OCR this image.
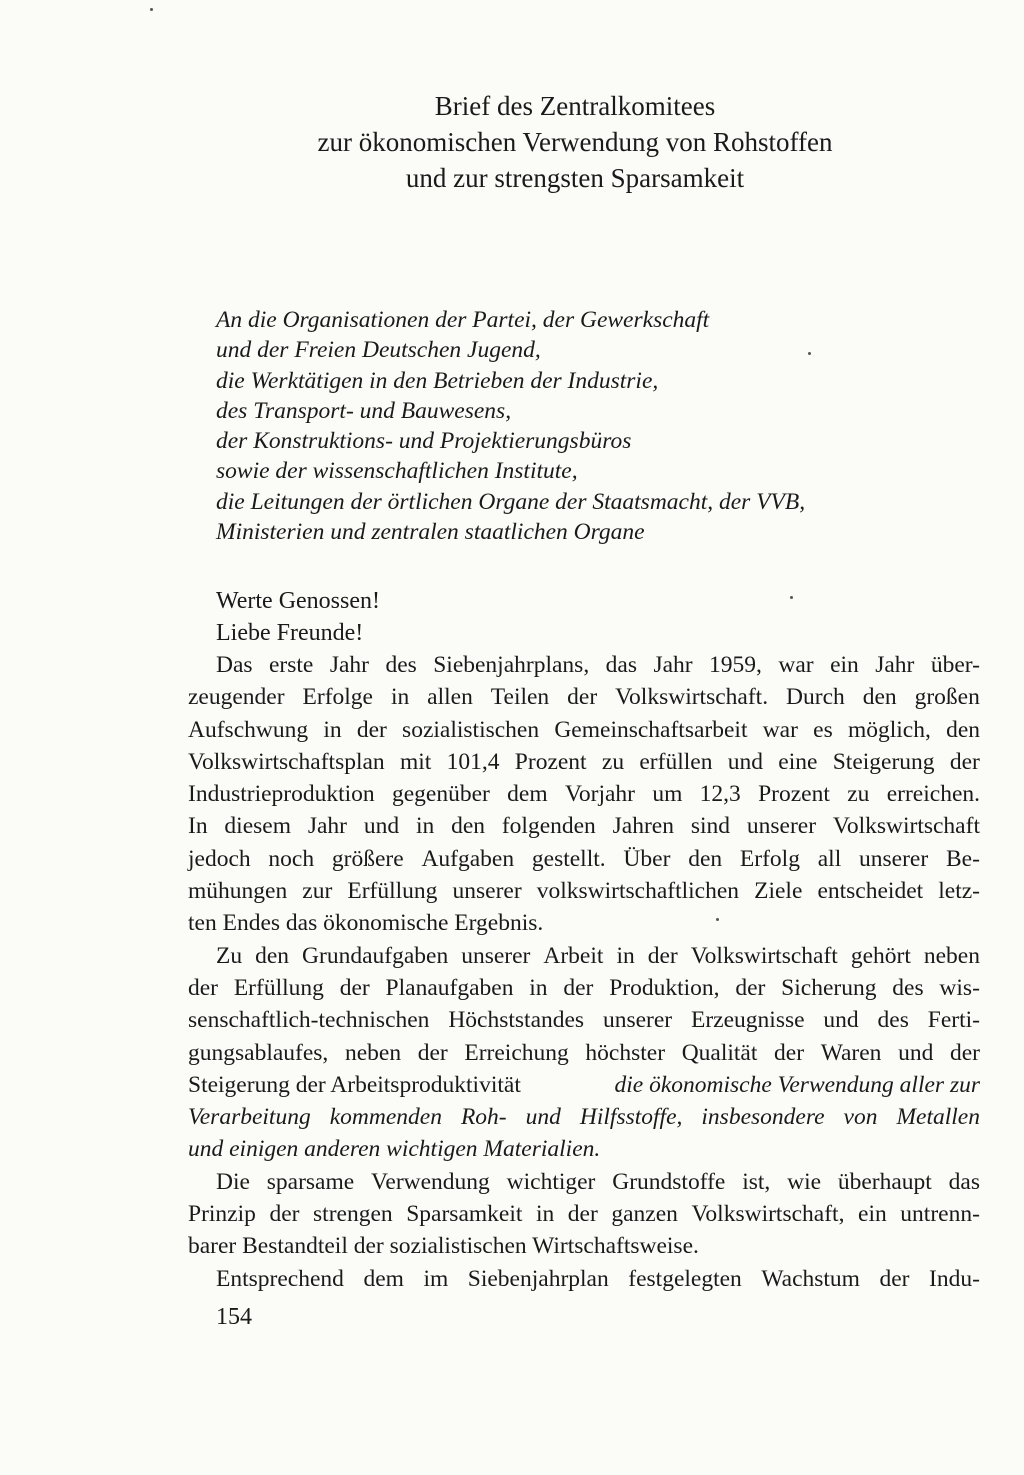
Brief des Zentralkomitees
zur ökonomischen Verwendung von Rohstoffen
und zur strengsten Sparsamkeit
An die Organisationen der Partei, der Gewerkschaft
und der Freien Deutschen Jugend,
die Werktätigen in den Betrieben der Industrie,
des Transport- und Bauwesens,
der Konstruktions- und Projektierungsbüros
sowie der wissenschaftlichen Institute,
die Leitungen der örtlichen Organe der Staatsmacht, der VVB,
Ministerien und zentralen staatlichen Organe
Werte Genossen!
Liebe Freunde!
Das erste Jahr des Siebenjahrplans, das Jahr 1959, war ein Jahr über-
zeugender Erfolge in allen Teilen der Volkswirtschaft. Durch den großen
Aufschwung in der sozialistischen Gemeinschaftsarbeit war es möglich, den
Volkswirtschaftsplan mit 101,4 Prozent zu erfüllen und eine Steigerung der
Industrieproduktion gegenüber dem Vorjahr um 12,3 Prozent zu erreichen.
In diesem Jahr und in den folgenden Jahren sind unserer Volkswirtschaft
jedoch noch größere Aufgaben gestellt. Über den Erfolg all unserer Be-
mühungen zur Erfüllung unserer volkswirtschaftlichen Ziele entscheidet letz-
ten Endes das ökonomische Ergebnis.
Zu den Grundaufgaben unserer Arbeit in der Volkswirtschaft gehört neben
der Erfüllung der Planaufgaben in der Produktion, der Sicherung des wis-
senschaftlich-technischen Höchststandes unserer Erzeugnisse und des Ferti-
gungsablaufes, neben der Erreichung höchster Qualität der Waren und der
Steigerung der Arbeitsproduktivität	die ökonomische Verwendung aller zur
Verarbeitung kommenden Roh- und Hilfsstoffe, insbesondere von Metallen
und einigen anderen wichtigen Materialien.
Die sparsame Verwendung wichtiger Grundstoffe ist, wie überhaupt das
Prinzip der strengen Sparsamkeit in der ganzen Volkswirtschaft, ein untrenn-
barer Bestandteil der sozialistischen Wirtschaftsweise.
Entsprechend dem im Siebenjahrplan festgelegten Wachstum der Indu-
154
